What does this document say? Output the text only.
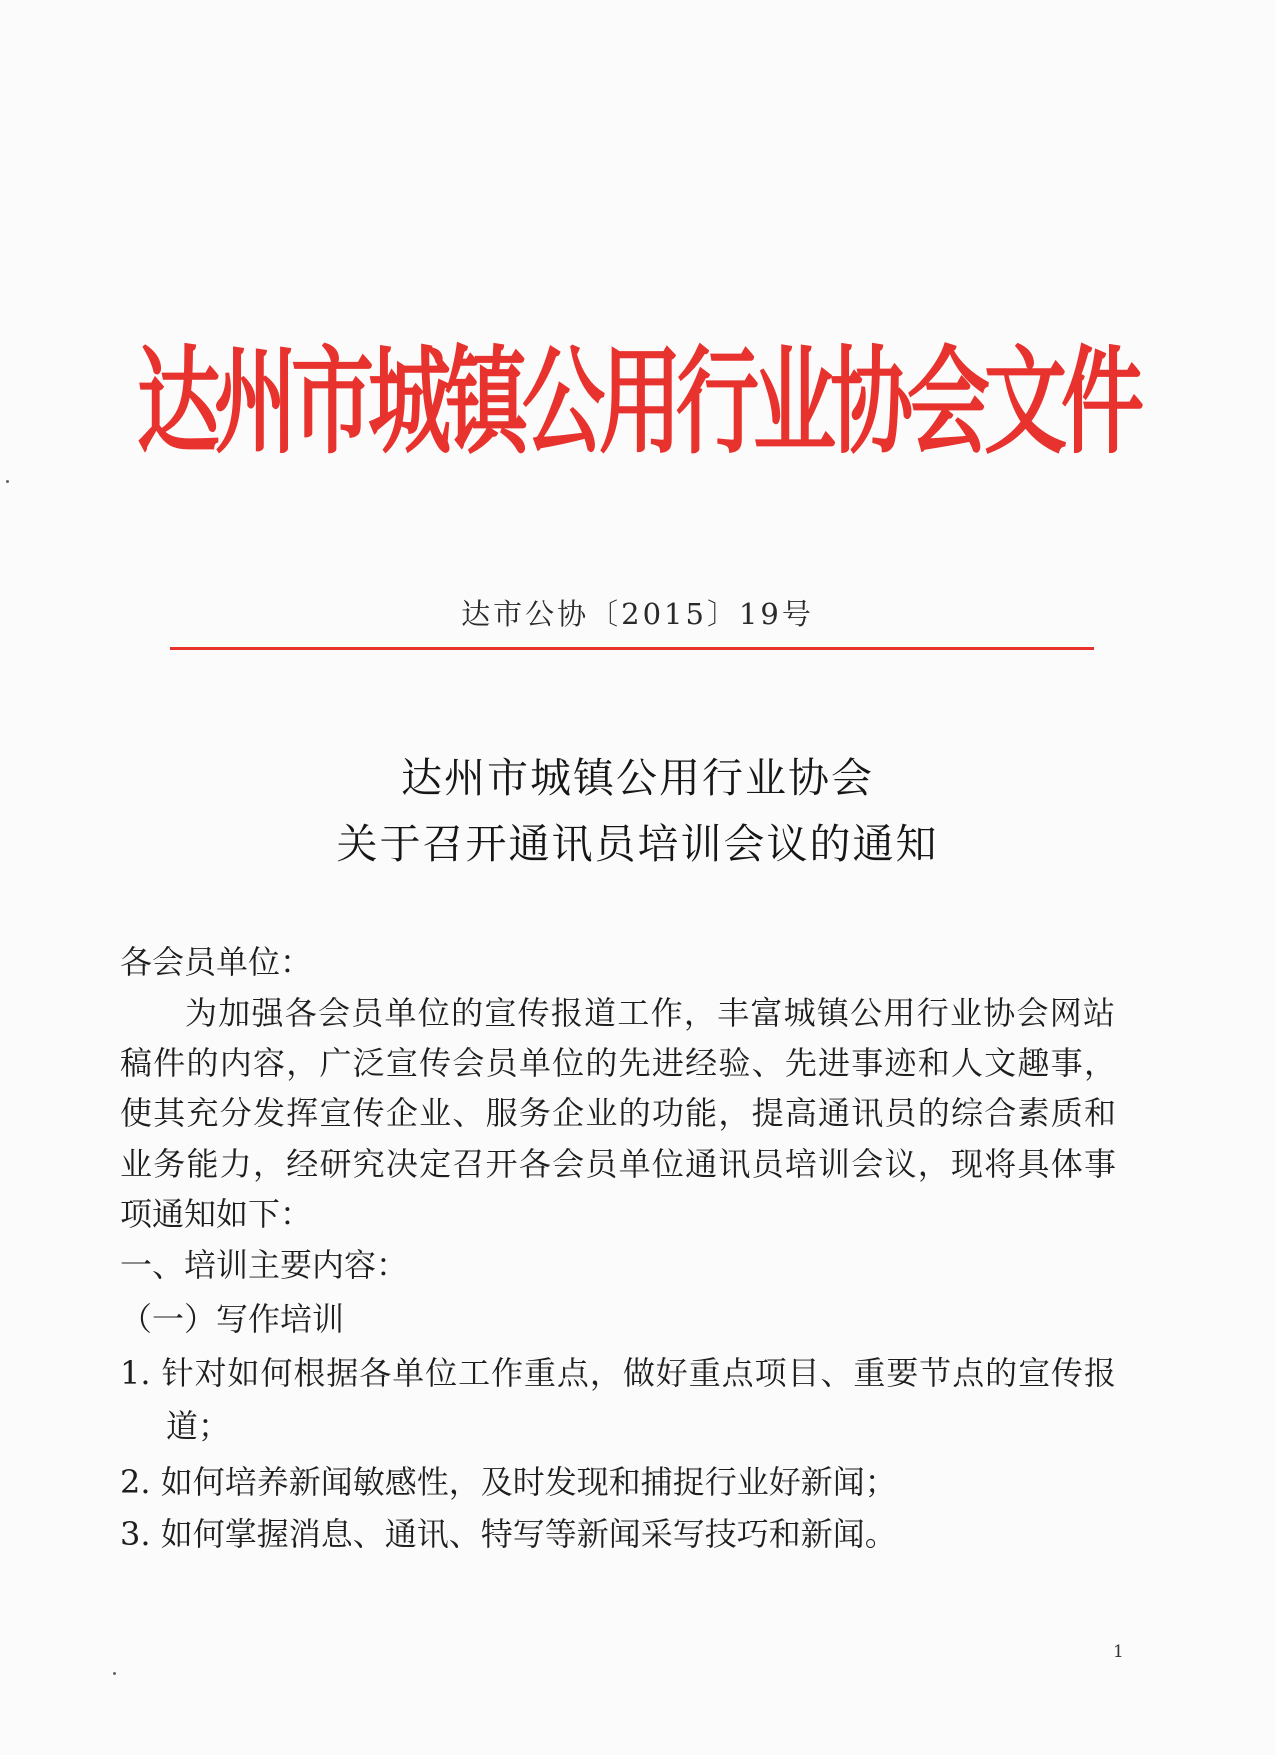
达州市城镇公用行业协会文件
达市公协〔2015〕19号
达州市城镇公用行业协会
关于召开通讯员培训会议的通知
各会员单位：
为加强各会员单位的宣传报道工作，丰富城镇公用行业协会网站
稿件的内容，广泛宣传会员单位的先进经验、先进事迹和人文趣事，
使其充分发挥宣传企业、服务企业的功能，提高通讯员的综合素质和
业务能力，经研究决定召开各会员单位通讯员培训会议，现将具体事
项通知如下：
一、培训主要内容：
（一）写作培训
1. 针对如何根据各单位工作重点，做好重点项目、重要节点的宣传报
道；
2. 如何培养新闻敏感性，及时发现和捕捉行业好新闻；
3. 如何掌握消息、通讯、特写等新闻采写技巧和新闻。
1
